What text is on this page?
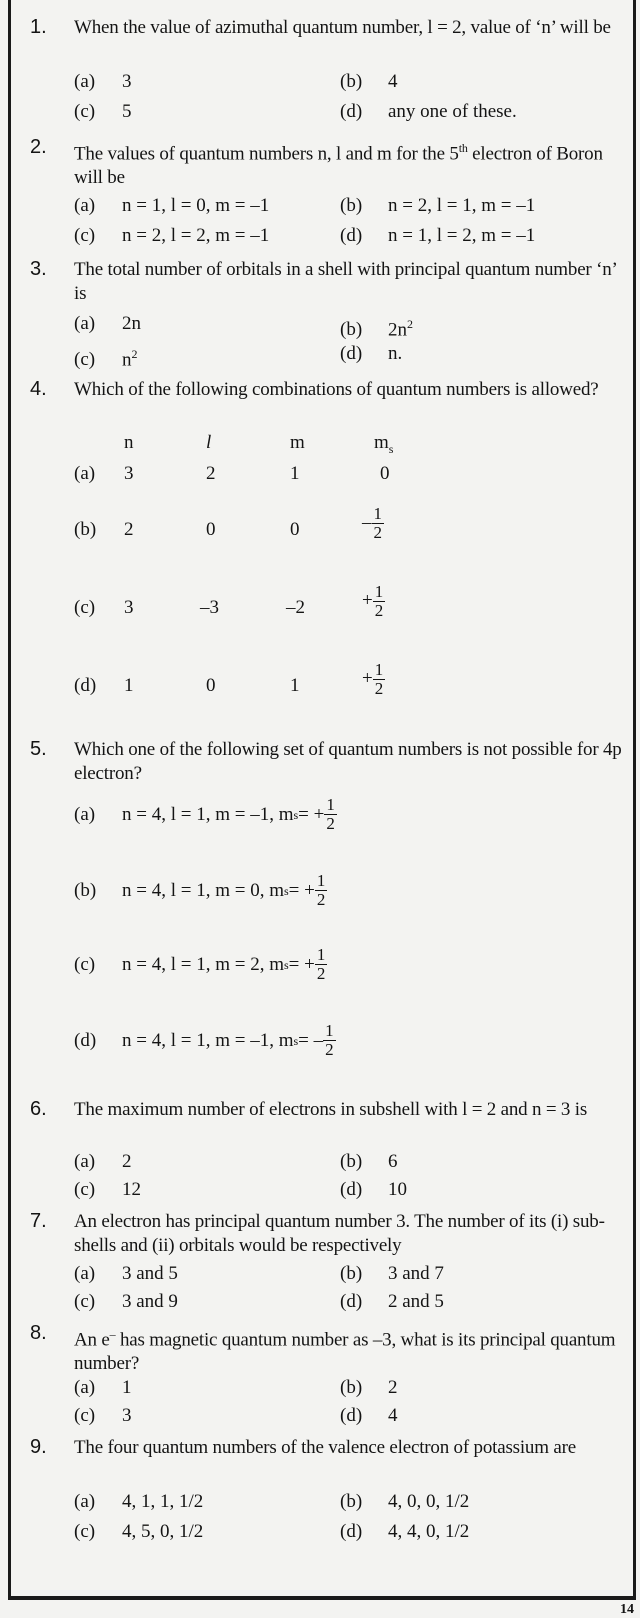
1. When the value of azimuthal quantum number, l = 2, value of ‘n’ will be
(a) 3	(b) 4
(c) 5	(d) any one of these.
2. The values of quantum numbers n, l and m for the 5th electron of Boron will be
(a) n = 1, l = 0, m = –1	(b) n = 2, l = 1, m = –1
(c) n = 2, l = 2, m = –1	(d) n = 1, l = 2, m = –1
3. The total number of orbitals in a shell with principal quantum number ‘n’ is
(a) 2n	(b) $2n^2$
(c) $n^2$	(d) n.
4. Which of the following combinations of quantum numbers is allowed?
n	l	m	$m_s$
(a) 3	2	1	0
(b) 2	0	0	– $\frac{1}{2}$
(c) 3	–3	–2	+ $\frac{1}{2}$
(d) 1	0	1	+ $\frac{1}{2}$
5. Which one of the following set of quantum numbers is not possible for 4p electron?
(a)	n = 4, l = 1, m = –1, m s = + $\frac{1}{2}$
(b)	n = 4, l = 1, m = 0, m s = + $\frac{1}{2}$
(c)	n = 4, l = 1, m = 2, m s = + $\frac{1}{2}$
(d)	n = 4, l = 1, m = –1, m s = – $\frac{1}{2}$
6. The maximum number of electrons in subshell with l = 2 and n = 3 is
(a) 2	(b) 6
(c) 12	(d) 10
7. An electron has principal quantum number 3. The number of its (i) sub-shells and (ii) orbitals would be respectively
(a) 3 and 5	(b) 3 and 7
(c) 3 and 9	(d) 2 and 5
8. An e– has magnetic quantum number as –3, what is its principal quantum number?
(a) 1	(b) 2
(c) 3	(d) 4
9. The four quantum numbers of the valence electron of potassium are
(a) 4, 1, 1, 1/2	(b) 4, 0, 0, 1/2
(c) 4, 5, 0, 1/2	(d) 4, 4, 0, 1/2
14
